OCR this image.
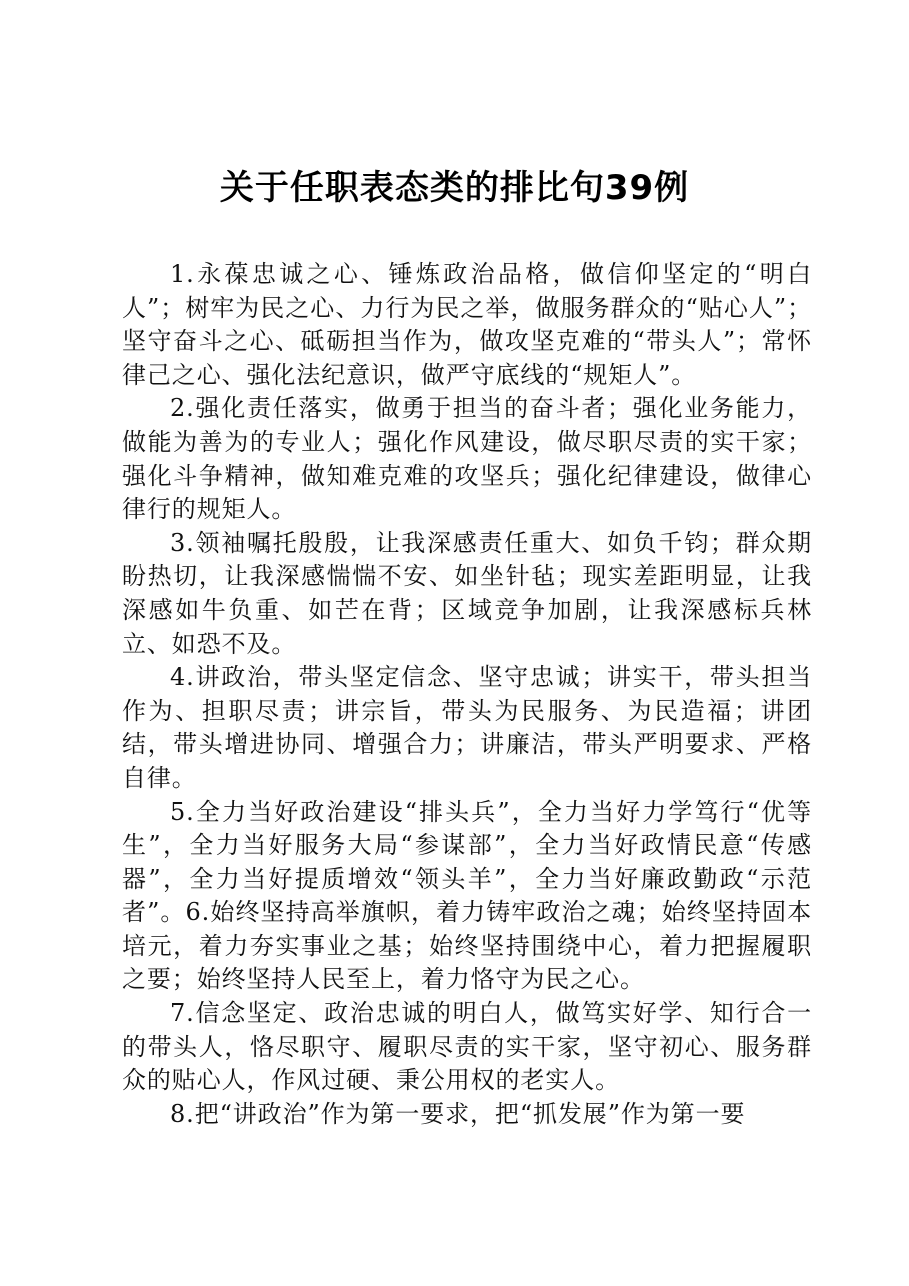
关于任职表态类的排比句39例

1.永葆忠诚之心、锤炼政治品格，做信仰坚定的“明白人”；树牢为民之心、力行为民之举，做服务群众的“贴心人”；坚守奋斗之心、砥砺担当作为，做攻坚克难的“带头人”；常怀律己之心、强化法纪意识，做严守底线的“规矩人”。

2.强化责任落实，做勇于担当的奋斗者；强化业务能力，做能为善为的专业人；强化作风建设，做尽职尽责的实干家；强化斗争精神，做知难克难的攻坚兵；强化纪律建设，做律心律行的规矩人。

3.领袖嘱托殷殷，让我深感责任重大、如负千钧；群众期盼热切，让我深感惴惴不安、如坐针毡；现实差距明显，让我深感如牛负重、如芒在背；区域竞争加剧，让我深感标兵林立、如恐不及。

4.讲政治，带头坚定信念、坚守忠诚；讲实干，带头担当作为、担职尽责；讲宗旨，带头为民服务、为民造福；讲团结，带头增进协同、增强合力；讲廉洁，带头严明要求、严格自律。

5.全力当好政治建设“排头兵”，全力当好力学笃行“优等生”，全力当好服务大局“参谋部”，全力当好政情民意“传感器”，全力当好提质增效“领头羊”，全力当好廉政勤政“示范者”。6.始终坚持高举旗帜，着力铸牢政治之魂；始终坚持固本培元，着力夯实事业之基；始终坚持围绕中心，着力把握履职之要；始终坚持人民至上，着力恪守为民之心。

7.信念坚定、政治忠诚的明白人，做笃实好学、知行合一的带头人，恪尽职守、履职尽责的实干家，坚守初心、服务群众的贴心人，作风过硬、秉公用权的老实人。

8.把“讲政治”作为第一要求，把“抓发展”作为第一要
